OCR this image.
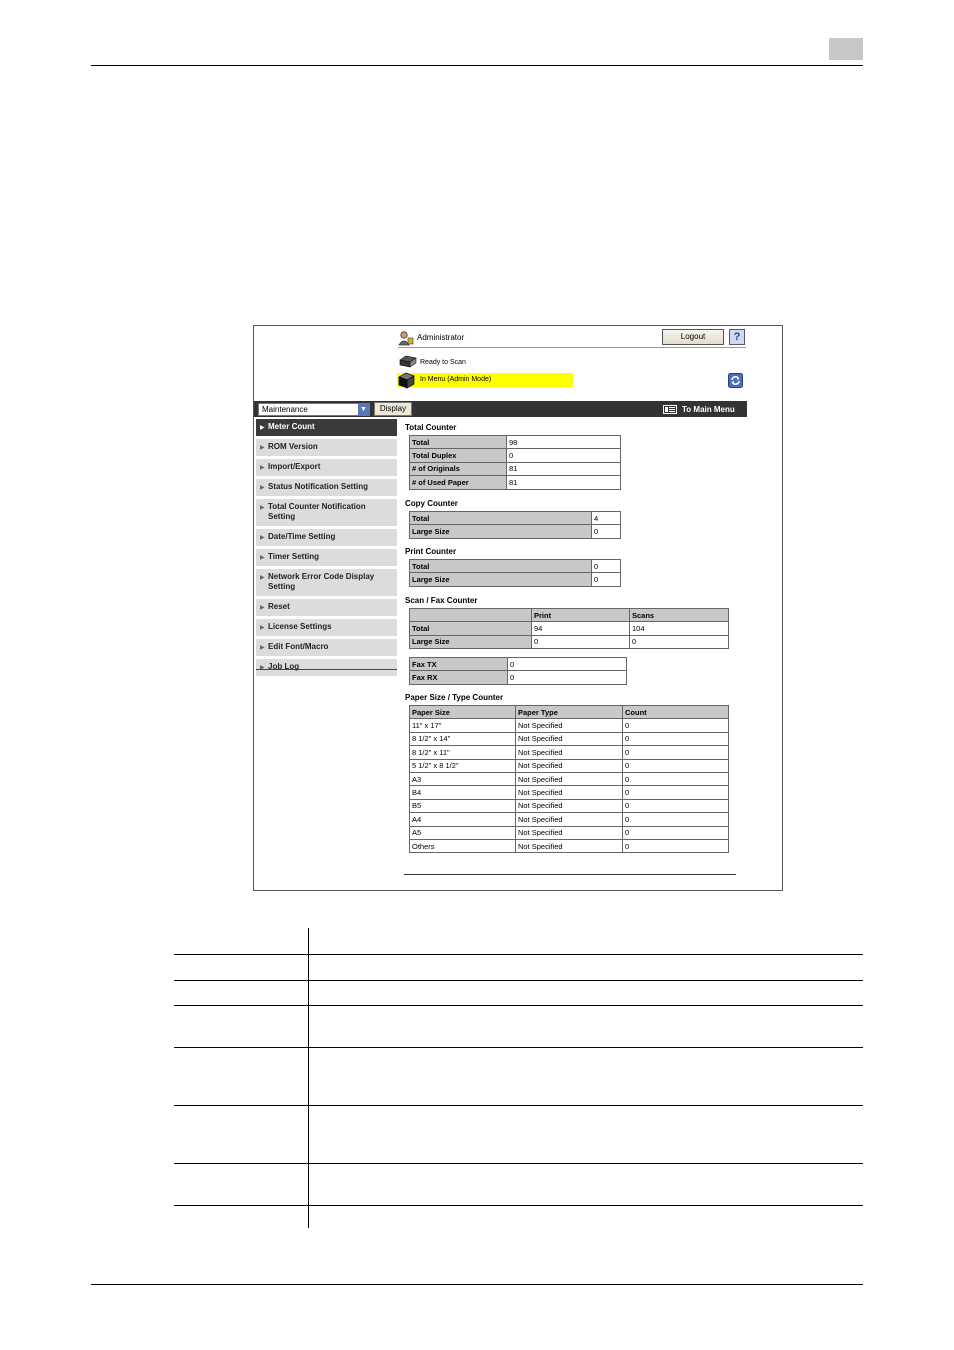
Administrator	Logout	?
Ready to Scan
In Menu (Admin Mode)
Maintenance	▼	Display	To Main Menu
▶ Meter Count
▶ ROM Version
▶ Import/Export
▶ Status Notification Setting
▶ Total Counter Notification Setting
▶ Date/Time Setting
▶ Timer Setting
▶ Network Error Code Display Setting
▶ Reset
▶ License Settings
▶ Edit Font/Macro
▶ Job Log
Total Counter
Total	98
Total Duplex	0
# of Originals	81
# of Used Paper	81
Copy Counter
Total	4
Large Size	0
Print Counter
Total	0
Large Size	0
Scan / Fax Counter
	Print	Scans
Total	94	104
Large Size	0	0
Fax TX	0
Fax RX	0
Paper Size / Type Counter
Paper Size	Paper Type	Count
11" x 17"	Not Specified	0
8 1/2" x 14"	Not Specified	0
8 1/2" x 11"	Not Specified	0
5 1/2" x 8 1/2"	Not Specified	0
A3	Not Specified	0
B4	Not Specified	0
B5	Not Specified	0
A4	Not Specified	0
A5	Not Specified	0
Others	Not Specified	0
